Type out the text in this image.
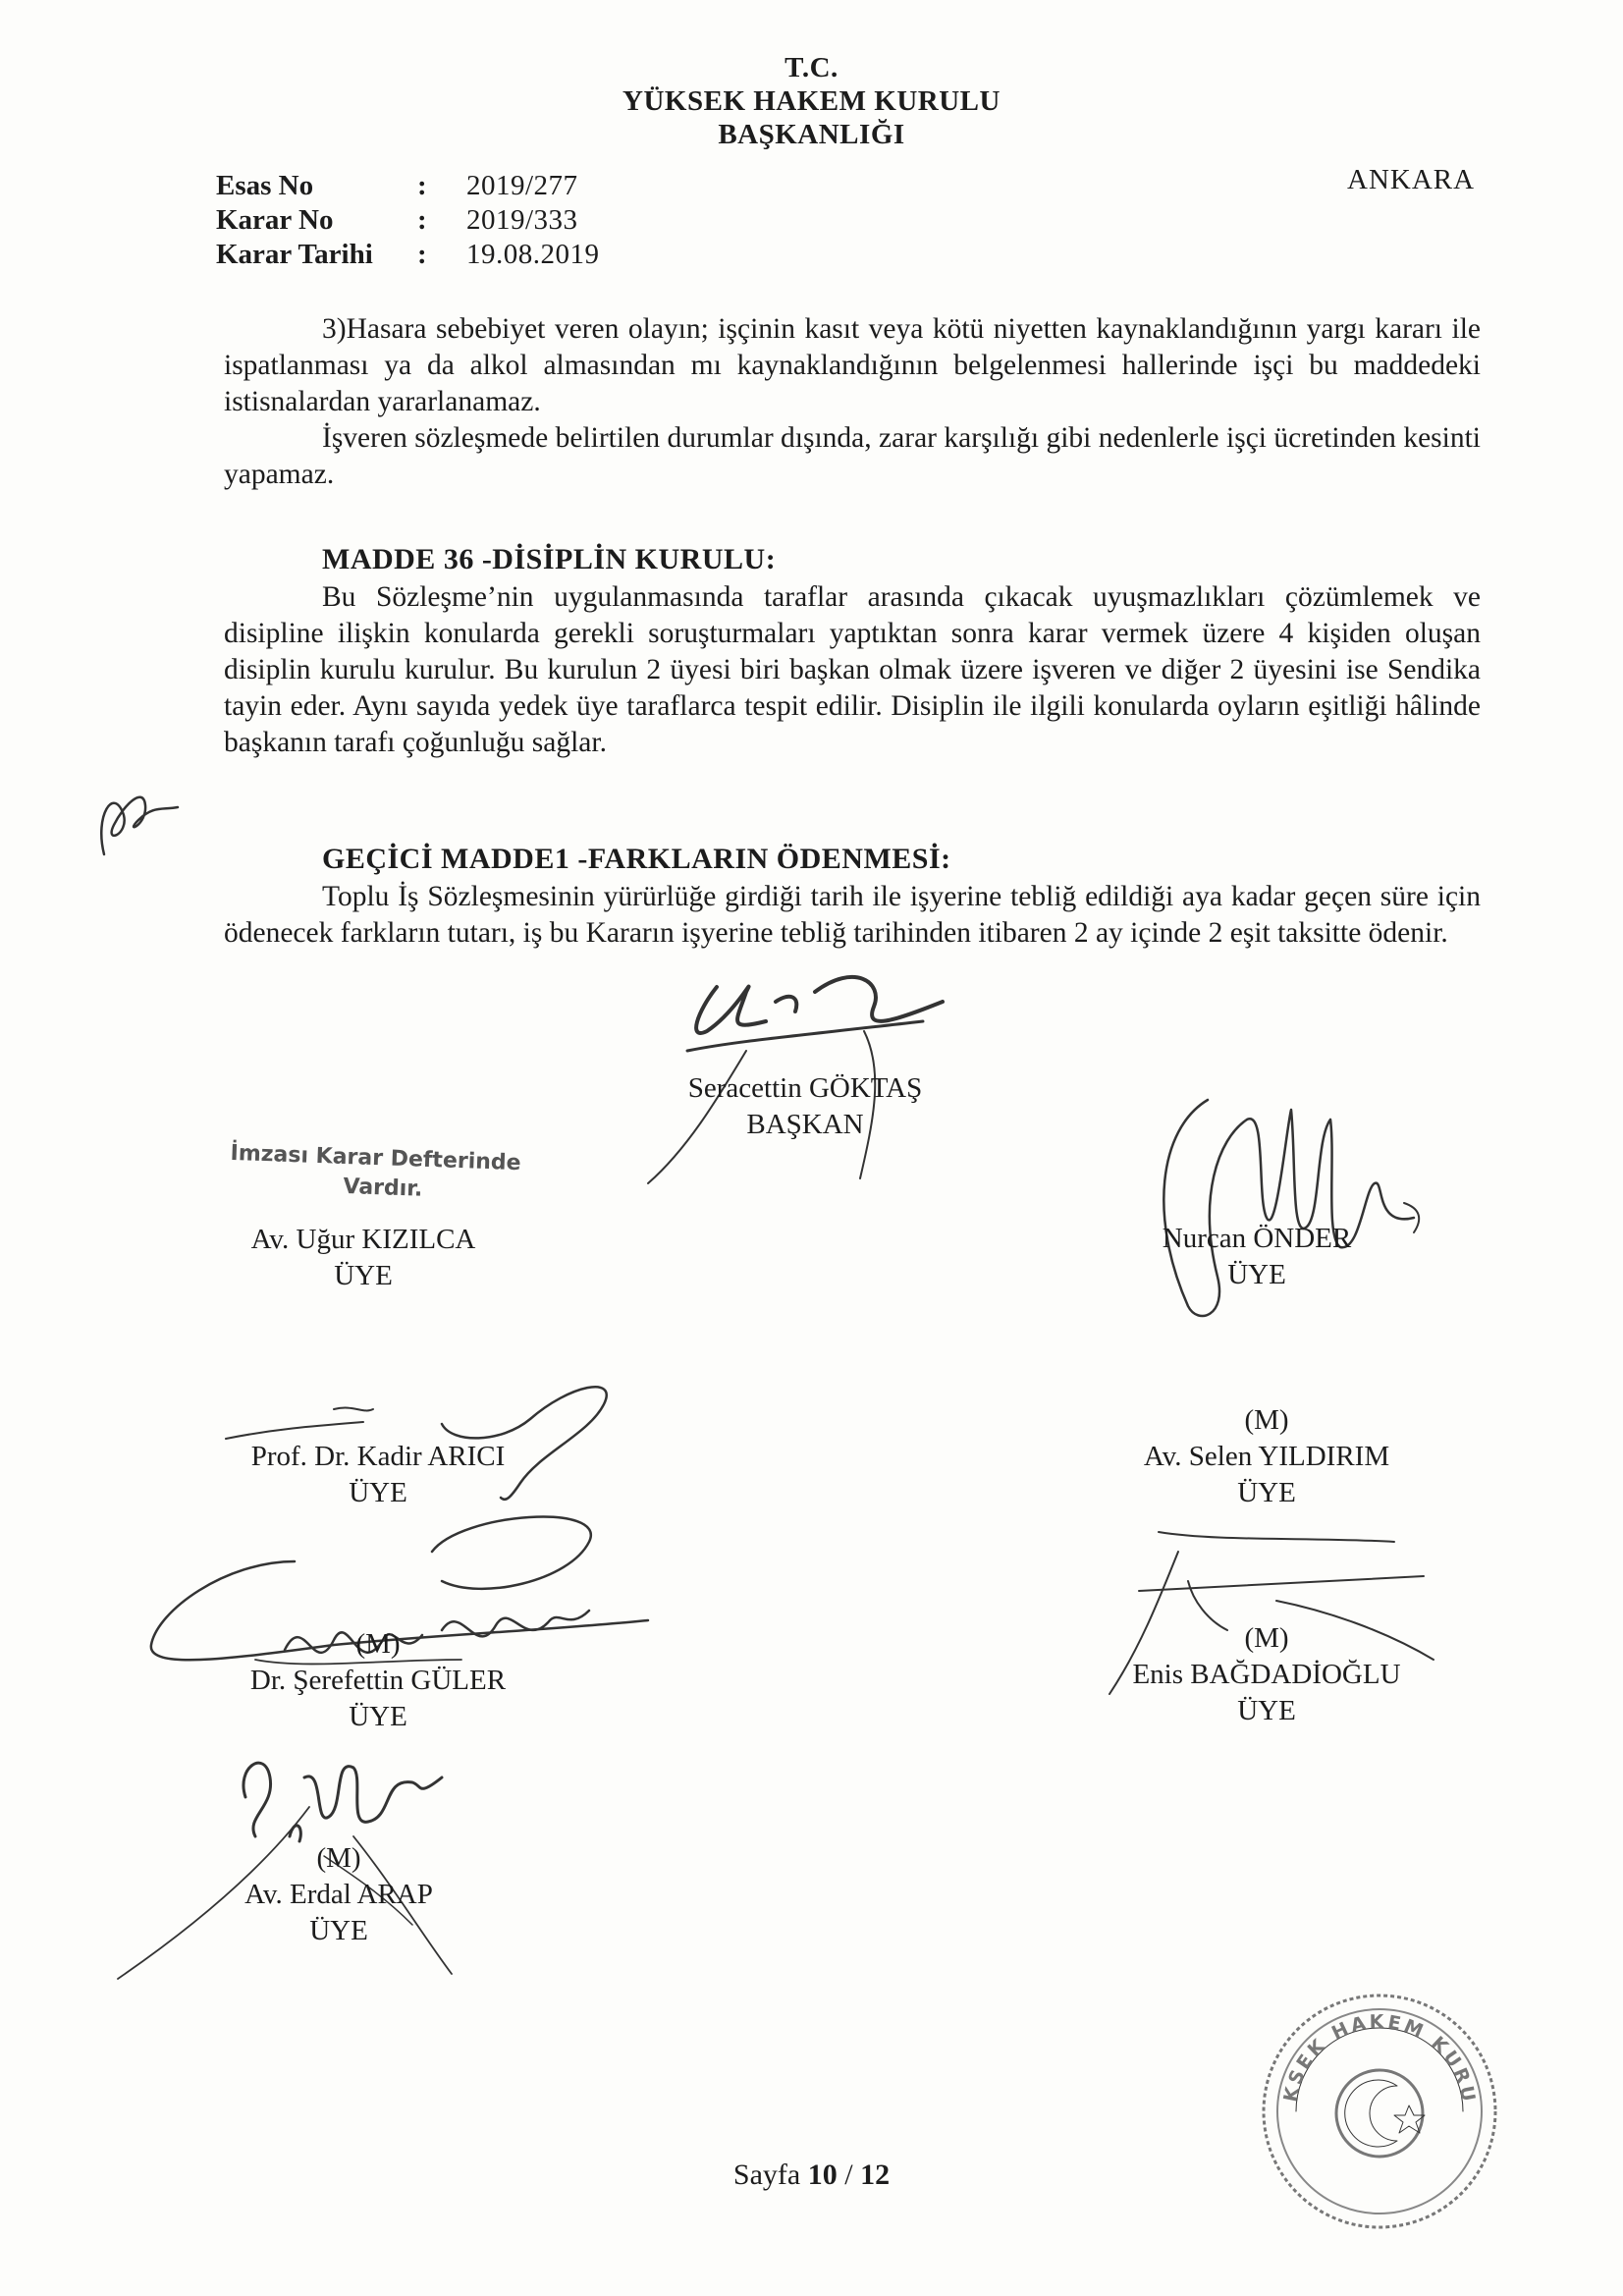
T.C.
YÜKSEK HAKEM KURULU
BAŞKANLIĞI
ANKARA
Esas No	:	2019/277
Karar No	:	2019/333
Karar Tarihi	:	19.08.2019

3)Hasara sebebiyet veren olayın; işçinin kasıt veya kötü niyetten kaynaklandığının yargı kararı ile ispatlanması ya da alkol almasından mı kaynaklandığının belgelenmesi hallerinde işçi bu maddedeki istisnalardan yararlanamaz.

İşveren sözleşmede belirtilen durumlar dışında, zarar karşılığı gibi nedenlerle işçi ücretinden kesinti yapamaz.

MADDE 36 -DİSİPLİN KURULU:

Bu Sözleşme’nin uygulanmasında taraflar arasında çıkacak uyuşmazlıkları çözümlemek ve disipline ilişkin konularda gerekli soruşturmaları yaptıktan sonra karar vermek üzere 4 kişiden oluşan disiplin kurulu kurulur. Bu kurulun 2 üyesi biri başkan olmak üzere işveren ve diğer 2 üyesini ise Sendika tayin eder. Aynı sayıda yedek üye taraflarca tespit edilir. Disiplin ile ilgili konularda oyların eşitliği hâlinde başkanın tarafı çoğunluğu sağlar.

GEÇİCİ MADDE1 -FARKLARIN ÖDENMESİ:

Toplu İş Sözleşmesinin yürürlüğe girdiği tarih ile işyerine tebliğ edildiği aya kadar geçen süre için ödenecek farkların tutarı, iş bu Kararın işyerine tebliğ tarihinden itibaren 2 ay içinde 2 eşit taksitte ödenir.

Seracettin GÖKTAŞ
BAŞKAN
İmzası Karar Defterinde
Vardır.
Av. Uğur KIZILCA
ÜYE
Nurcan ÖNDER
ÜYE
Prof. Dr. Kadir ARICI
ÜYE
(M)
Av. Selen YILDIRIM
ÜYE
(M)
Dr. Şerefettin GÜLER
ÜYE
(M)
Enis BAĞDADİOĞLU
ÜYE
(M)
Av. Erdal ARAP
ÜYE
YÜKSEK HAKEM KURULU
Sayfa 10 / 12
